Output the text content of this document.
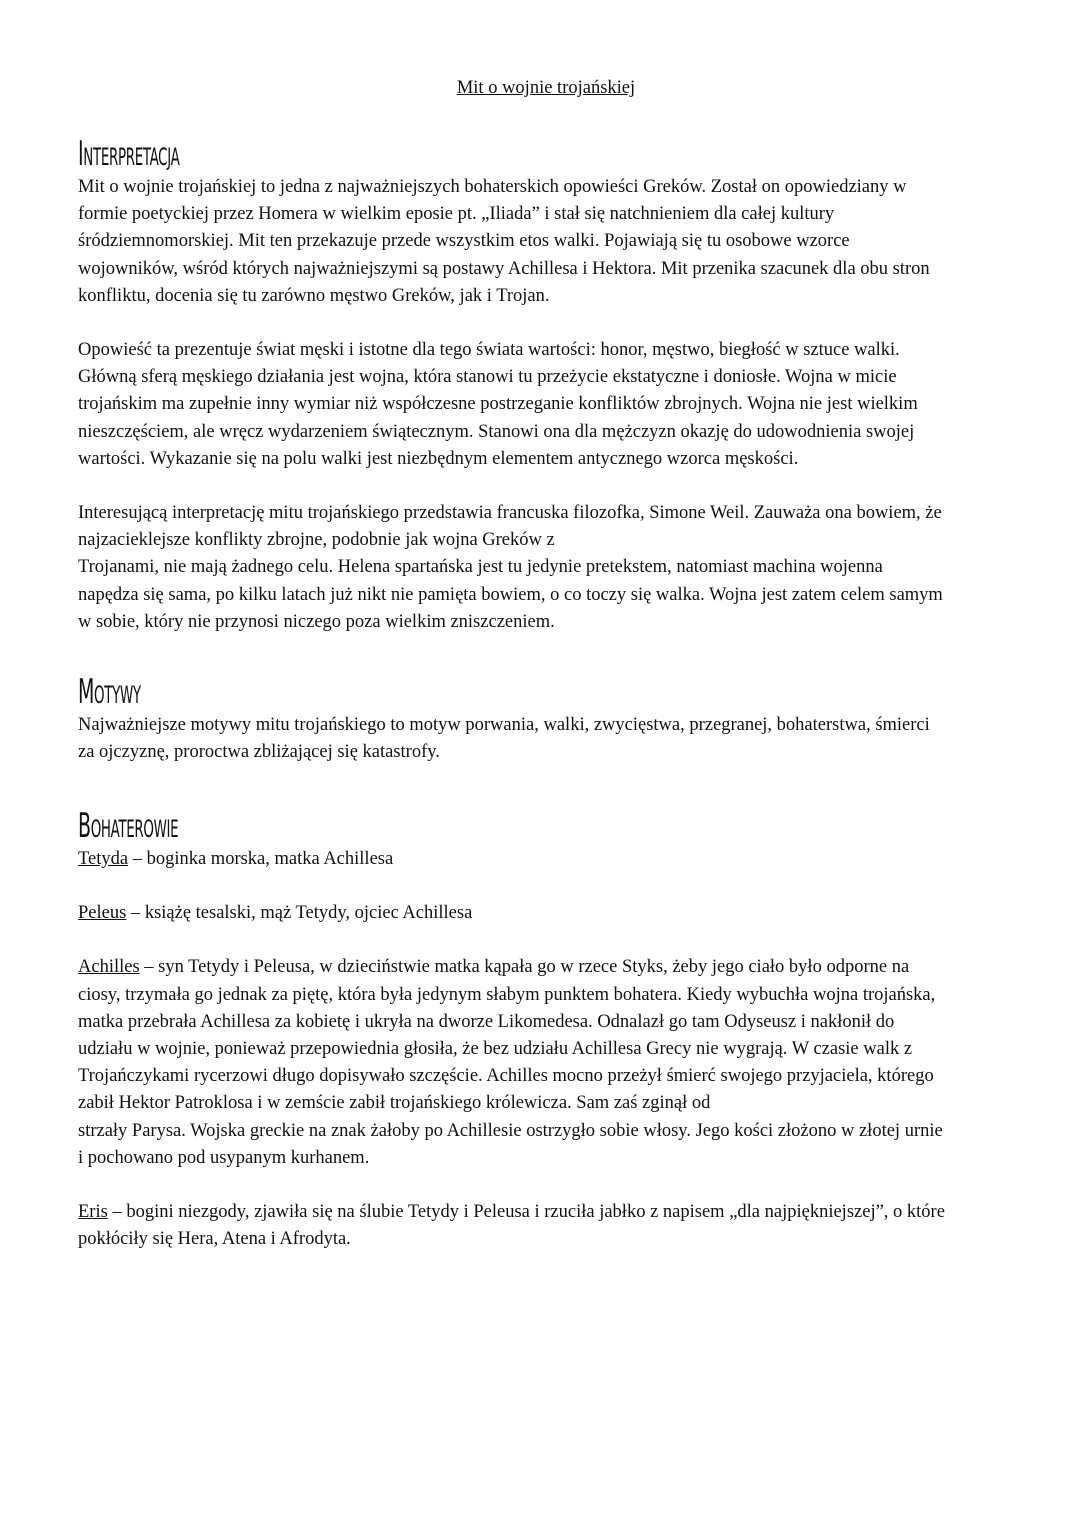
Mit o wojnie trojańskiej
Interpretacja
Mit o wojnie trojańskiej to jedna z najważniejszych bohaterskich opowieści Greków. Został on opowiedziany w
formie poetyckiej przez Homera w wielkim eposie pt. „Iliada” i stał się natchnieniem dla całej kultury
śródziemnomorskiej. Mit ten przekazuje przede wszystkim etos walki. Pojawiają się tu osobowe wzorce
wojowników, wśród których najważniejszymi są postawy Achillesa i Hektora. Mit przenika szacunek dla obu stron
konfliktu, docenia się tu zarówno męstwo Greków, jak i Trojan.
Opowieść ta prezentuje świat męski i istotne dla tego świata wartości: honor, męstwo, biegłość w sztuce walki.
Główną sferą męskiego działania jest wojna, która stanowi tu przeżycie ekstatyczne i doniosłe. Wojna w micie
trojańskim ma zupełnie inny wymiar niż współczesne postrzeganie konfliktów zbrojnych. Wojna nie jest wielkim
nieszczęściem, ale wręcz wydarzeniem świątecznym. Stanowi ona dla mężczyzn okazję do udowodnienia swojej
wartości. Wykazanie się na polu walki jest niezbędnym elementem antycznego wzorca męskości.
Interesującą interpretację mitu trojańskiego przedstawia francuska filozofka, Simone Weil. Zauważa ona bowiem, że
najzacieklejsze konflikty zbrojne, podobnie jak wojna Greków z
Trojanami, nie mają żadnego celu. Helena spartańska jest tu jedynie pretekstem, natomiast machina wojenna
napędza się sama, po kilku latach już nikt nie pamięta bowiem, o co toczy się walka. Wojna jest zatem celem samym
w sobie, który nie przynosi niczego poza wielkim zniszczeniem.
Motywy
Najważniejsze motywy mitu trojańskiego to motyw porwania, walki, zwycięstwa, przegranej, bohaterstwa, śmierci
za ojczyznę, proroctwa zbliżającej się katastrofy.
Bohaterowie
Tetyda – boginka morska, matka Achillesa
Peleus – książę tesalski, mąż Tetydy, ojciec Achillesa
Achilles – syn Tetydy i Peleusa, w dzieciństwie matka kąpała go w rzece Styks, żeby jego ciało było odporne na
ciosy, trzymała go jednak za piętę, która była jedynym słabym punktem bohatera. Kiedy wybuchła wojna trojańska,
matka przebrała Achillesa za kobietę i ukryła na dworze Likomedesa. Odnalazł go tam Odyseusz i nakłonił do
udziału w wojnie, ponieważ przepowiednia głosiła, że bez udziału Achillesa Grecy nie wygrają. W czasie walk z
Trojańczykami rycerzowi długo dopisywało szczęście. Achilles mocno przeżył śmierć swojego przyjaciela, którego
zabił Hektor Patroklosa i w zemście zabił trojańskiego królewicza. Sam zaś zginął od
strzały Parysa. Wojska greckie na znak żałoby po Achillesie ostrzygło sobie włosy. Jego kości złożono w złotej urnie
i pochowano pod usypanym kurhanem.
Eris – bogini niezgody, zjawiła się na ślubie Tetydy i Peleusa i rzuciła jabłko z napisem „dla najpiękniejszej”, o które
pokłóciły się Hera, Atena i Afrodyta.
